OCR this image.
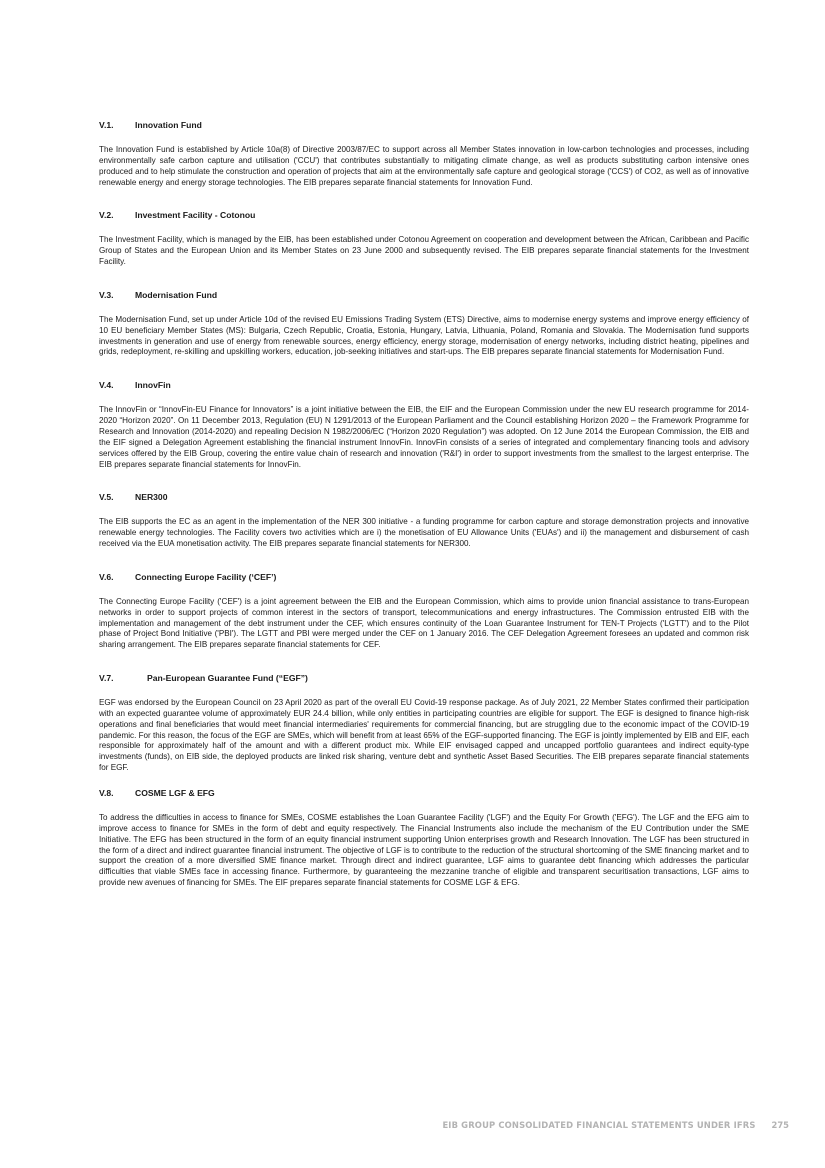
V.1.	Innovation Fund

The Innovation Fund is established by Article 10a(8) of Directive 2003/87/EC to support across all Member States innovation in low-carbon technologies and processes, including environmentally safe carbon capture and utilisation ('CCU') that contributes substantially to mitigating climate change, as well as products substituting carbon intensive ones produced and to help stimulate the construction and operation of projects that aim at the environmentally safe capture and geological storage ('CCS') of CO2, as well as of innovative renewable energy and energy storage technologies. The EIB prepares separate financial statements for Innovation Fund.

V.2.	Investment Facility - Cotonou

The Investment Facility, which is managed by the EIB, has been established under Cotonou Agreement on cooperation and development between the African, Caribbean and Pacific Group of States and the European Union and its Member States on 23 June 2000 and subsequently revised. The EIB prepares separate financial statements for the Investment Facility.

V.3.	Modernisation Fund

The Modernisation Fund, set up under Article 10d of the revised EU Emissions Trading System (ETS) Directive, aims to modernise energy systems and improve energy efficiency of 10 EU beneficiary Member States (MS): Bulgaria, Czech Republic, Croatia, Estonia, Hungary, Latvia, Lithuania, Poland, Romania and Slovakia. The Modernisation fund supports investments in generation and use of energy from renewable sources, energy efficiency, energy storage, modernisation of energy networks, including district heating, pipelines and grids, redeployment, re-skilling and upskilling workers, education, job-seeking initiatives and start-ups. The EIB prepares separate financial statements for Modernisation Fund.

V.4.	InnovFin

The InnovFin or “InnovFin-EU Finance for Innovators” is a joint initiative between the EIB, the EIF and the European Commission under the new EU research programme for 2014-2020 “Horizon 2020”. On 11 December 2013, Regulation (EU) N 1291/2013 of the European Parliament and the Council establishing Horizon 2020 – the Framework Programme for Research and Innovation (2014-2020) and repealing Decision N 1982/2006/EC (“Horizon 2020 Regulation”) was adopted. On 12 June 2014 the European Commission, the EIB and the EIF signed a Delegation Agreement establishing the financial instrument InnovFin. InnovFin consists of a series of integrated and complementary financing tools and advisory services offered by the EIB Group, covering the entire value chain of research and innovation ('R&I') in order to support investments from the smallest to the largest enterprise. The EIB prepares separate financial statements for InnovFin.

V.5.	NER300

The EIB supports the EC as an agent in the implementation of the NER 300 initiative - a funding programme for carbon capture and storage demonstration projects and innovative renewable energy technologies. The Facility covers two activities which are i) the monetisation of EU Allowance Units ('EUAs') and ii) the management and disbursement of cash received via the EUA monetisation activity. The EIB prepares separate financial statements for NER300.

V.6.	Connecting Europe Facility (‘CEF’)

The Connecting Europe Facility ('CEF') is a joint agreement between the EIB and the European Commission, which aims to provide union financial assistance to trans-European networks in order to support projects of common interest in the sectors of transport, telecommunications and energy infrastructures. The Commission entrusted EIB with the implementation and management of the debt instrument under the CEF, which ensures continuity of the Loan Guarantee Instrument for TEN-T Projects ('LGTT') and to the Pilot phase of Project Bond Initiative ('PBI'). The LGTT and PBI were merged under the CEF on 1 January 2016. The CEF Delegation Agreement foresees an updated and common risk sharing arrangement. The EIB prepares separate financial statements for CEF.

V.7.	Pan-European Guarantee Fund (“EGF”)

EGF was endorsed by the European Council on 23 April 2020 as part of the overall EU Covid-19 response package. As of July 2021, 22 Member States confirmed their participation with an expected guarantee volume of approximately EUR 24.4 billion, while only entities in participating countries are eligible for support. The EGF is designed to finance high-risk operations and final beneficiaries that would meet financial intermediaries' requirements for commercial financing, but are struggling due to the economic impact of the COVID-19 pandemic. For this reason, the focus of the EGF are SMEs, which will benefit from at least 65% of the EGF-supported financing. The EGF is jointly implemented by EIB and EIF, each responsible for approximately half of the amount and with a different product mix. While EIF envisaged capped and uncapped portfolio guarantees and indirect equity-type investments (funds), on EIB side, the deployed products are linked risk sharing, venture debt and synthetic Asset Based Securities. The EIB prepares separate financial statements for EGF.

V.8.	COSME LGF & EFG

To address the difficulties in access to finance for SMEs, COSME establishes the Loan Guarantee Facility ('LGF') and the Equity For Growth ('EFG'). The LGF and the EFG aim to improve access to finance for SMEs in the form of debt and equity respectively. The Financial Instruments also include the mechanism of the EU Contribution under the SME Initiative. The EFG has been structured in the form of an equity financial instrument supporting Union enterprises growth and Research Innovation. The LGF has been structured in the form of a direct and indirect guarantee financial instrument. The objective of LGF is to contribute to the reduction of the structural shortcoming of the SME financing market and to support the creation of a more diversified SME finance market. Through direct and indirect guarantee, LGF aims to guarantee debt financing which addresses the particular difficulties that viable SMEs face in accessing finance. Furthermore, by guaranteeing the mezzanine tranche of eligible and transparent securitisation transactions, LGF aims to provide new avenues of financing for SMEs. The EIF prepares separate financial statements for COSME LGF & EFG.

EIB GROUP CONSOLIDATED FINANCIAL STATEMENTS UNDER IFRS 275
